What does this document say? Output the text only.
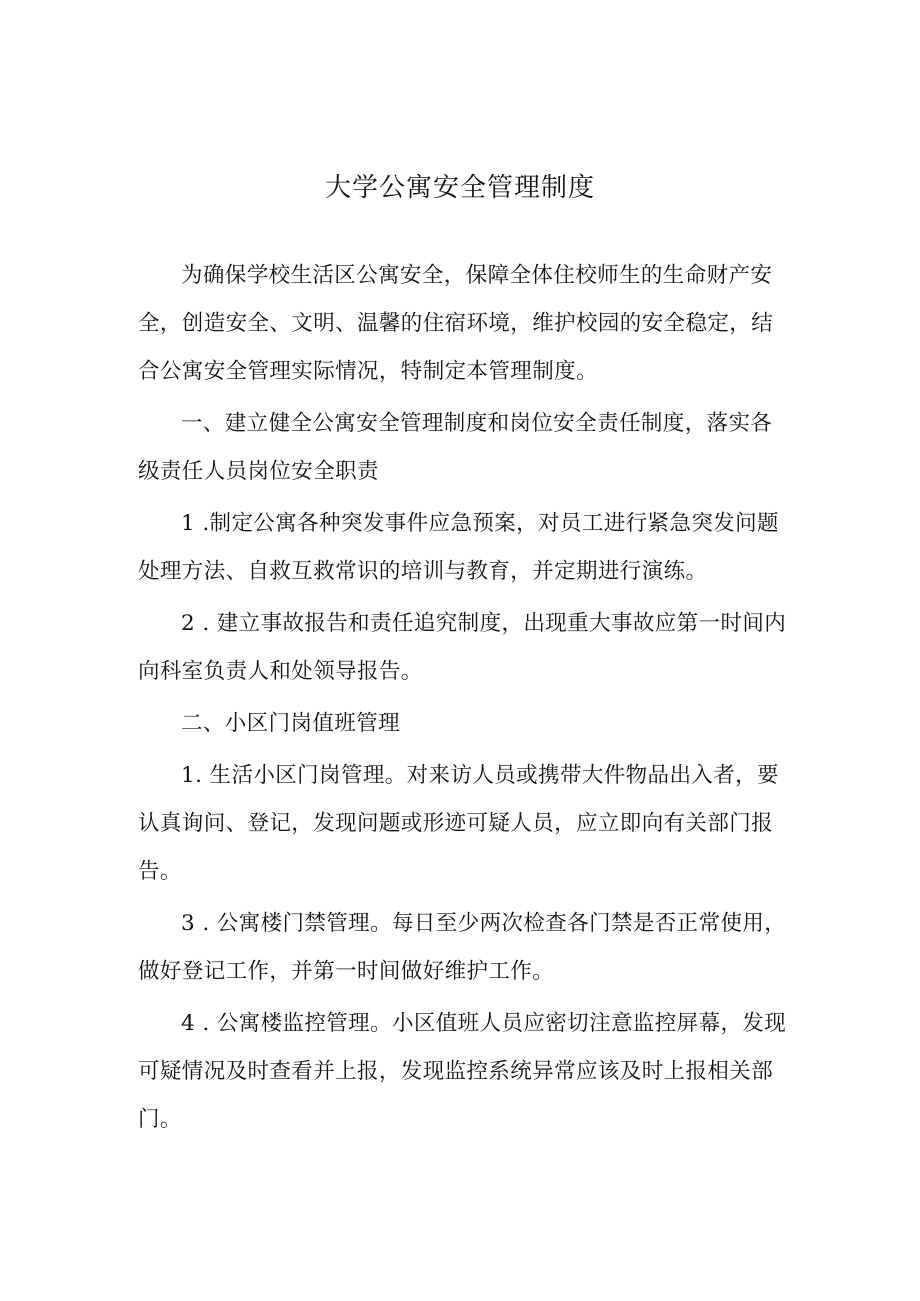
大学公寓安全管理制度

为确保学校生活区公寓安全，保障全体住校师生的生命财产安全，创造安全、文明、温馨的住宿环境，维护校园的安全稳定，结合公寓安全管理实际情况，特制定本管理制度。

一、建立健全公寓安全管理制度和岗位安全责任制度，落实各级责任人员岗位安全职责

1 .制定公寓各种突发事件应急预案，对员工进行紧急突发问题处理方法、自救互救常识的培训与教育，并定期进行演练。

2 . 建立事故报告和责任追究制度，出现重大事故应第一时间内向科室负责人和处领导报告。

二、小区门岗值班管理

1. 生活小区门岗管理。对来访人员或携带大件物品出入者，要认真询问、登记，发现问题或形迹可疑人员，应立即向有关部门报告。

3 . 公寓楼门禁管理。每日至少两次检查各门禁是否正常使用，做好登记工作，并第一时间做好维护工作。

4 . 公寓楼监控管理。小区值班人员应密切注意监控屏幕，发现可疑情况及时查看并上报，发现监控系统异常应该及时上报相关部门。
